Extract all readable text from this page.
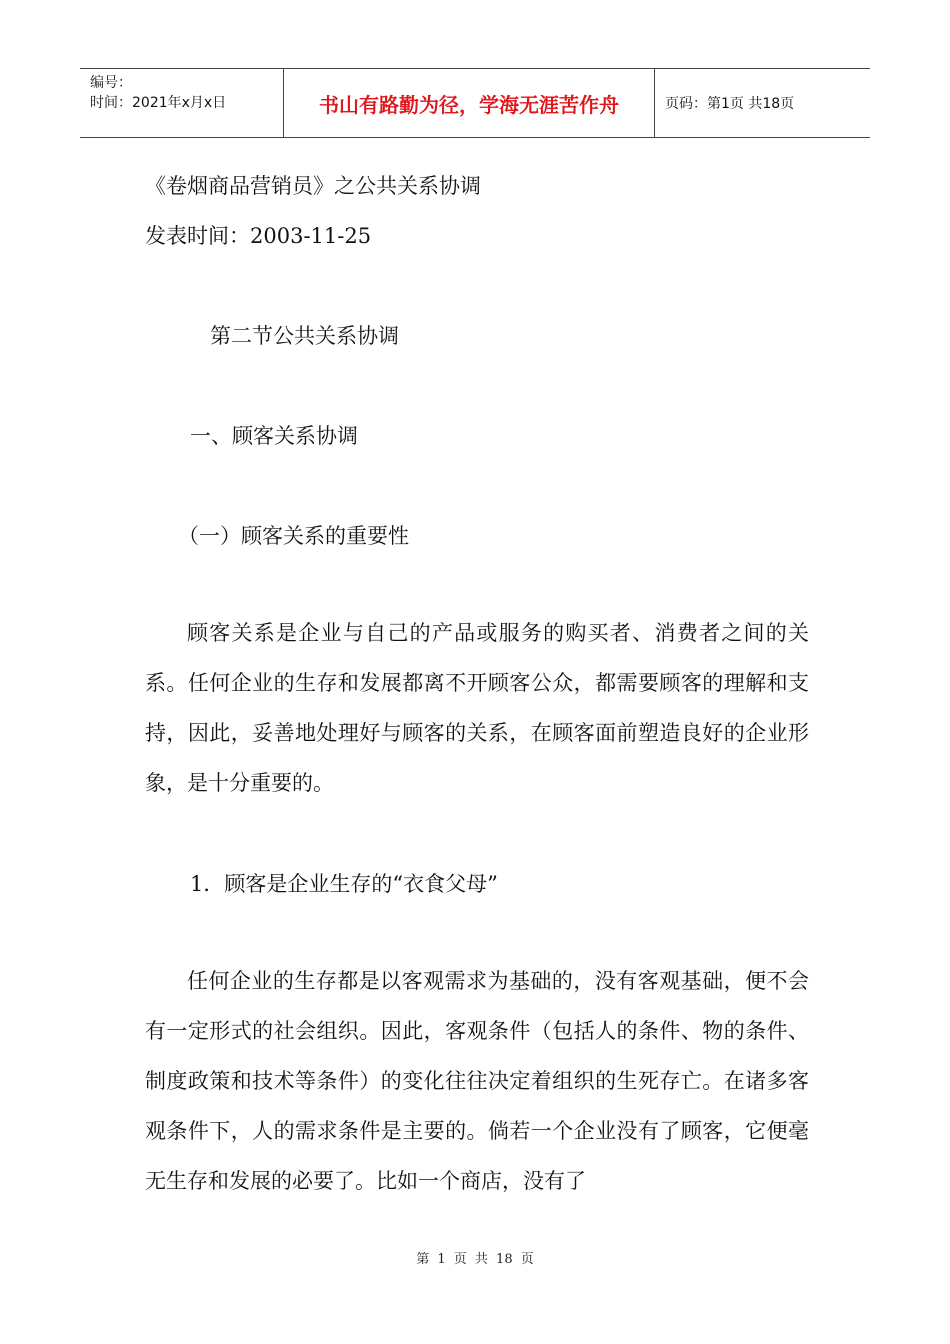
编号：
时间：2021年x月x日	书山有路勤为径，学海无涯苦作舟	页码：第1页 共18页
《卷烟商品营销员》之公共关系协调
发表时间：2003-11-25
第二节公共关系协调
一、顾客关系协调
（一）顾客关系的重要性

顾客关系是企业与自己的产品或服务的购买者、消费者之间的关系。任何企业的生存和发展都离不开顾客公众，都需要顾客的理解和支持，因此，妥善地处理好与顾客的关系，在顾客面前塑造良好的企业形象，是十分重要的。

1．顾客是企业生存的“衣食父母”

任何企业的生存都是以客观需求为基础的，没有客观基础，便不会有一定形式的社会组织。因此，客观条件（包括人的条件、物的条件、制度政策和技术等条件）的变化往往决定着组织的生死存亡。在诸多客观条件下，人的需求条件是主要的。倘若一个企业没有了顾客，它便毫无生存和发展的必要了。比如一个商店，没有了

第 1 页 共 18 页
